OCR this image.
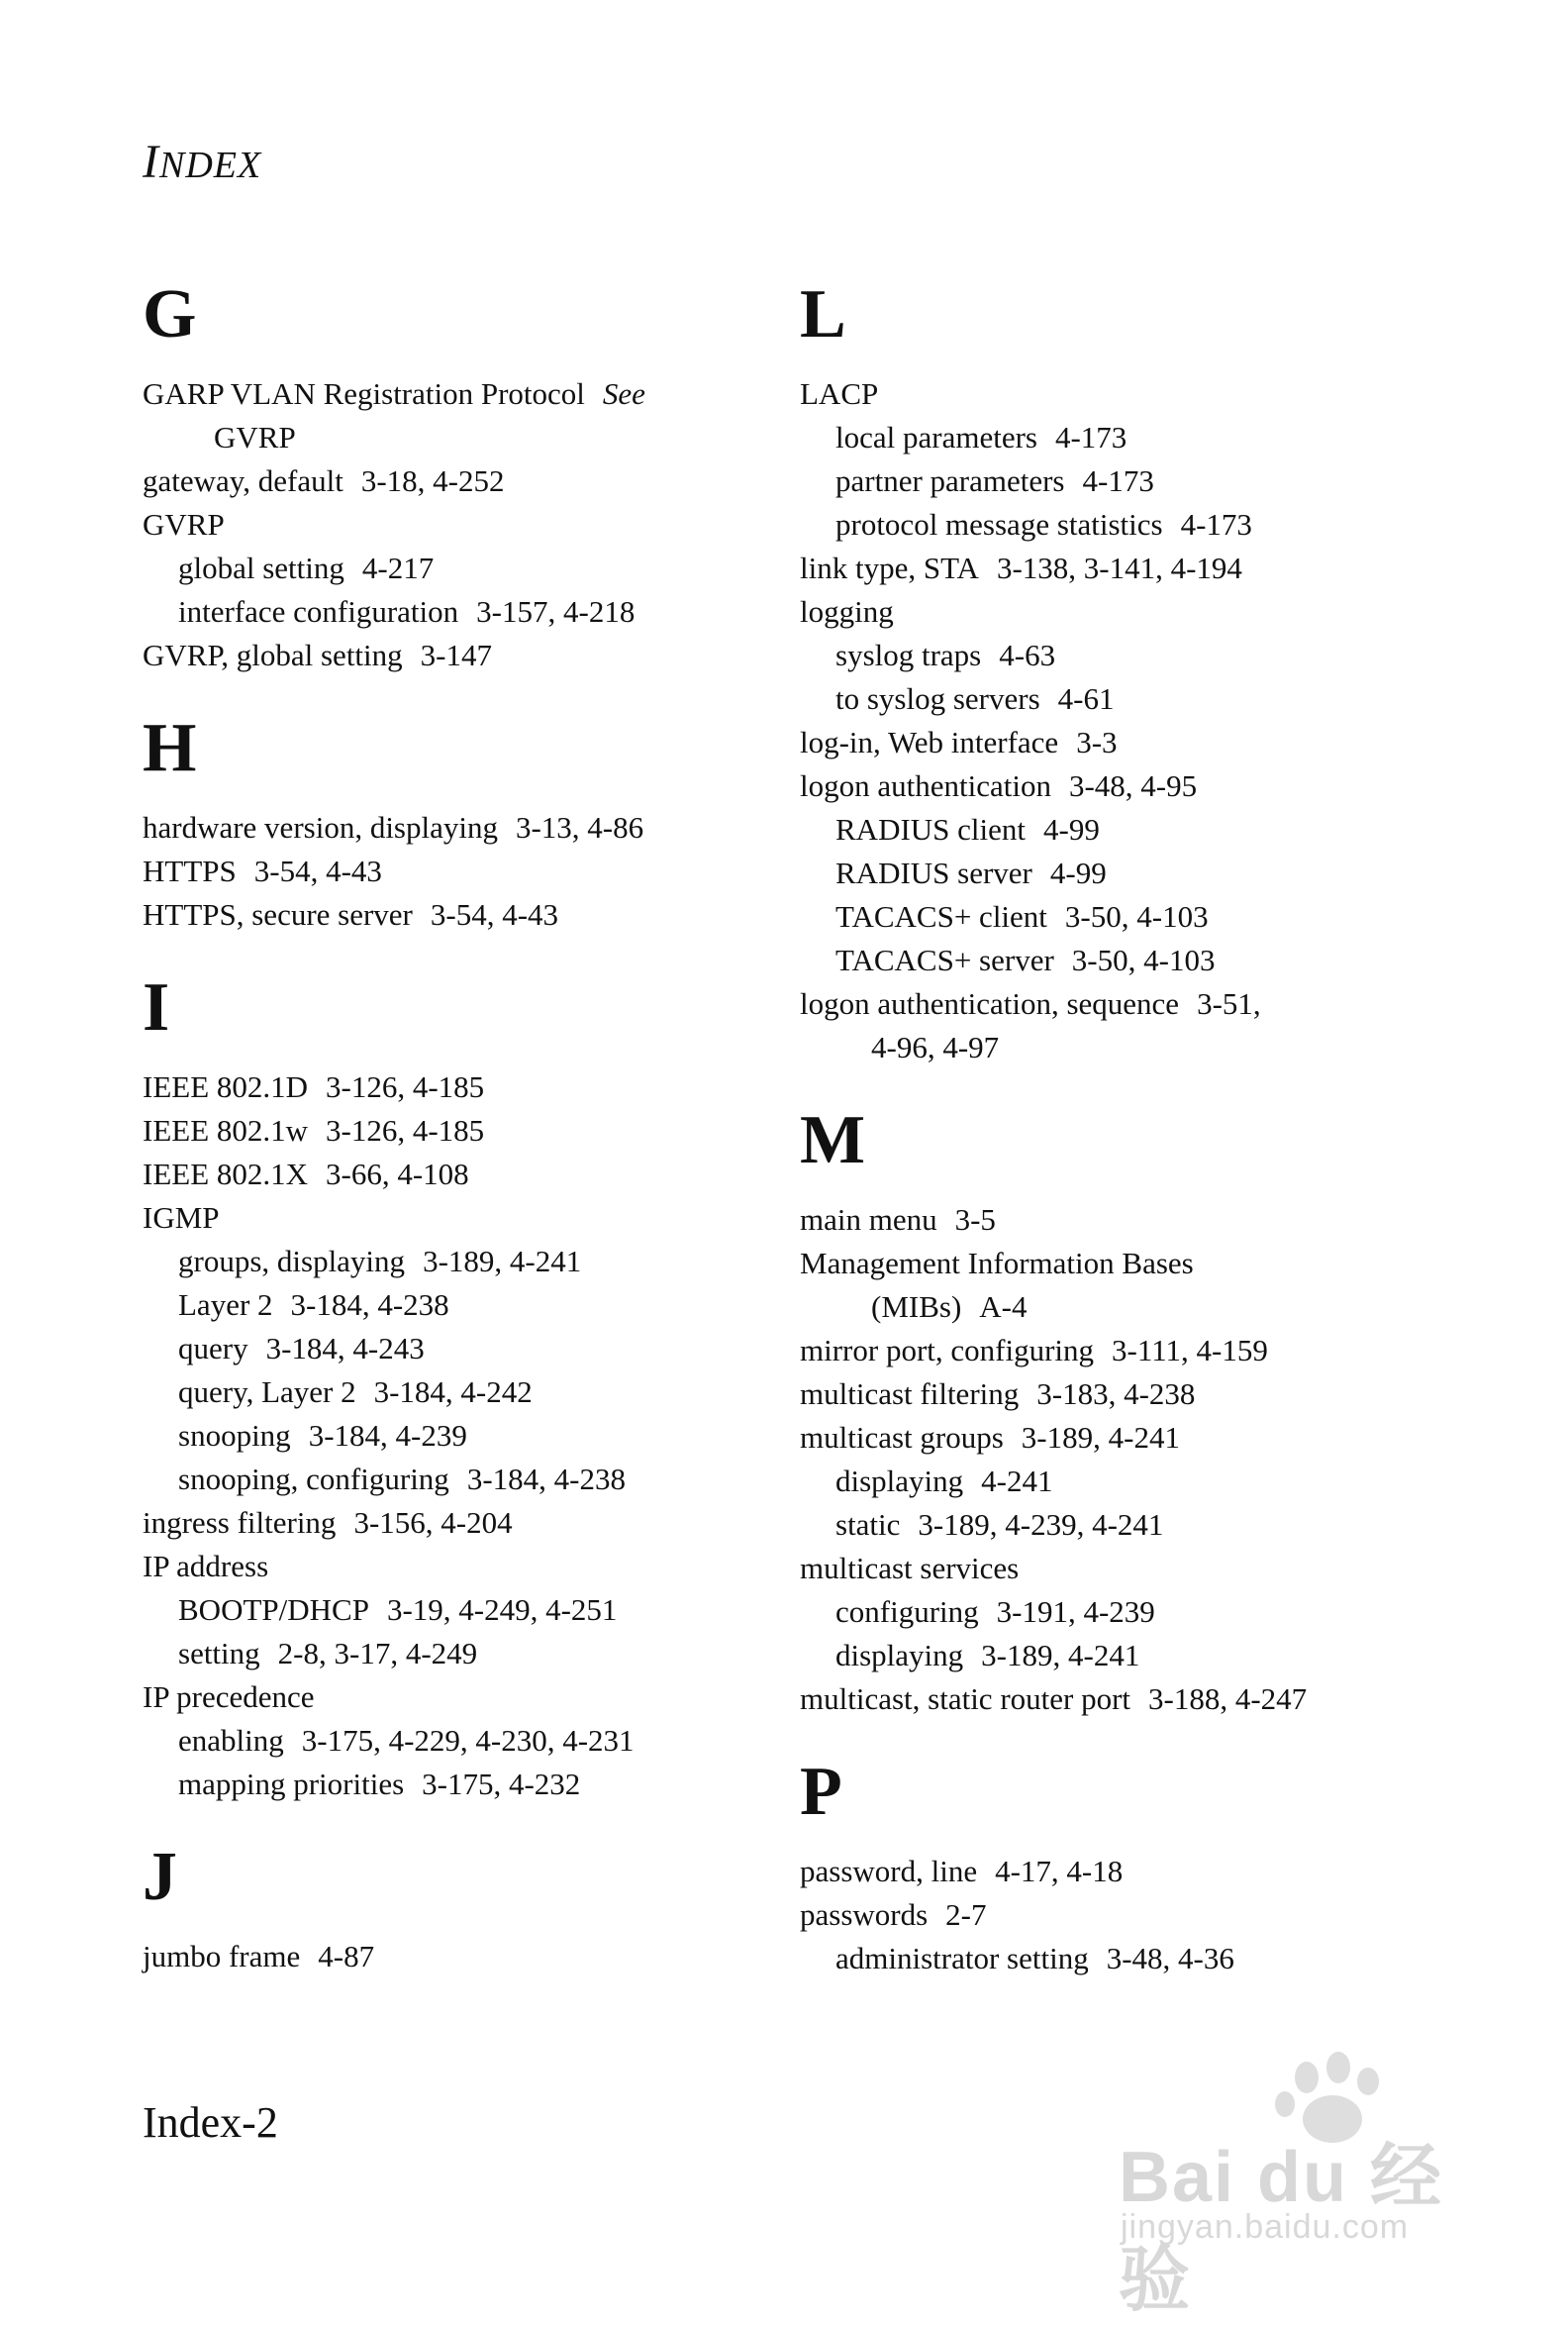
INDEX
G
GARP VLAN Registration Protocol See
GVRP
gateway, default 3-18, 4-252
GVRP
global setting 4-217
interface configuration 3-157, 4-218
GVRP, global setting 3-147
H
hardware version, displaying 3-13, 4-86
HTTPS 3-54, 4-43
HTTPS, secure server 3-54, 4-43
I
IEEE 802.1D 3-126, 4-185
IEEE 802.1w 3-126, 4-185
IEEE 802.1X 3-66, 4-108
IGMP
groups, displaying 3-189, 4-241
Layer 2 3-184, 4-238
query 3-184, 4-243
query, Layer 2 3-184, 4-242
snooping 3-184, 4-239
snooping, configuring 3-184, 4-238
ingress filtering 3-156, 4-204
IP address
BOOTP/DHCP 3-19, 4-249, 4-251
setting 2-8, 3-17, 4-249
IP precedence
enabling 3-175, 4-229, 4-230, 4-231
mapping priorities 3-175, 4-232
J
jumbo frame 4-87
L
LACP
local parameters 4-173
partner parameters 4-173
protocol message statistics 4-173
link type, STA 3-138, 3-141, 4-194
logging
syslog traps 4-63
to syslog servers 4-61
log-in, Web interface 3-3
logon authentication 3-48, 4-95
RADIUS client 4-99
RADIUS server 4-99
TACACS+ client 3-50, 4-103
TACACS+ server 3-50, 4-103
logon authentication, sequence 3-51,
4-96, 4-97
M
main menu 3-5
Management Information Bases
(MIBs) A-4
mirror port, configuring 3-111, 4-159
multicast filtering 3-183, 4-238
multicast groups 3-189, 4-241
displaying 4-241
static 3-189, 4-239, 4-241
multicast services
configuring 3-191, 4-239
displaying 3-189, 4-241
multicast, static router port 3-188, 4-247
P
password, line 4-17, 4-18
passwords 2-7
administrator setting 3-48, 4-36
Index-2
Bai du 经验
jingyan.baidu.com
